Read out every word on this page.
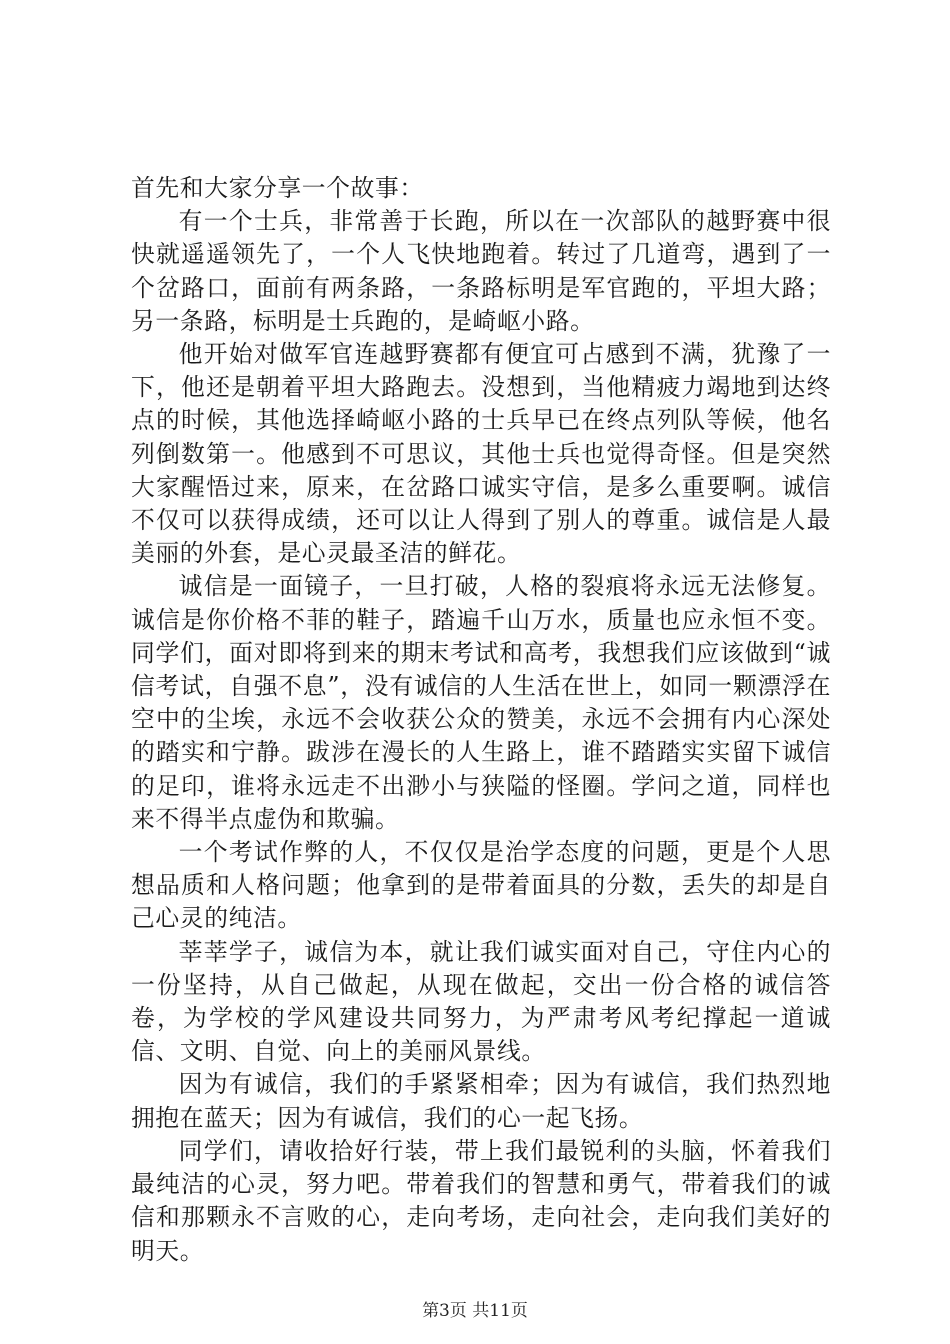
首先和大家分享一个故事：

有一个士兵，非常善于长跑，所以在一次部队的越野赛中很快就遥遥领先了，一个人飞快地跑着。转过了几道弯，遇到了一个岔路口，面前有两条路，一条路标明是军官跑的，平坦大路；另一条路，标明是士兵跑的，是崎岖小路。

他开始对做军官连越野赛都有便宜可占感到不满，犹豫了一下，他还是朝着平坦大路跑去。没想到，当他精疲力竭地到达终点的时候，其他选择崎岖小路的士兵早已在终点列队等候，他名列倒数第一。他感到不可思议，其他士兵也觉得奇怪。但是突然大家醒悟过来，原来，在岔路口诚实守信，是多么重要啊。诚信不仅可以获得成绩，还可以让人得到了别人的尊重。诚信是人最美丽的外套，是心灵最圣洁的鲜花。

诚信是一面镜子，一旦打破，人格的裂痕将永远无法修复。诚信是你价格不菲的鞋子，踏遍千山万水，质量也应永恒不变。同学们，面对即将到来的期末考试和高考，我想我们应该做到“诚信考试，自强不息”，没有诚信的人生活在世上，如同一颗漂浮在空中的尘埃，永远不会收获公众的赞美，永远不会拥有内心深处的踏实和宁静。跋涉在漫长的人生路上，谁不踏踏实实留下诚信的足印，谁将永远走不出渺小与狭隘的怪圈。学问之道，同样也来不得半点虚伪和欺骗。

一个考试作弊的人，不仅仅是治学态度的问题，更是个人思想品质和人格问题；他拿到的是带着面具的分数，丢失的却是自己心灵的纯洁。

莘莘学子，诚信为本，就让我们诚实面对自己，守住内心的一份坚持，从自己做起，从现在做起，交出一份合格的诚信答卷，为学校的学风建设共同努力，为严肃考风考纪撑起一道诚信、文明、自觉、向上的美丽风景线。

因为有诚信，我们的手紧紧相牵；因为有诚信，我们热烈地拥抱在蓝天；因为有诚信，我们的心一起飞扬。

同学们，请收拾好行装，带上我们最锐利的头脑，怀着我们最纯洁的心灵，努力吧。带着我们的智慧和勇气，带着我们的诚信和那颗永不言败的心，走向考场，走向社会，走向我们美好的明天。

第3页 共11页
